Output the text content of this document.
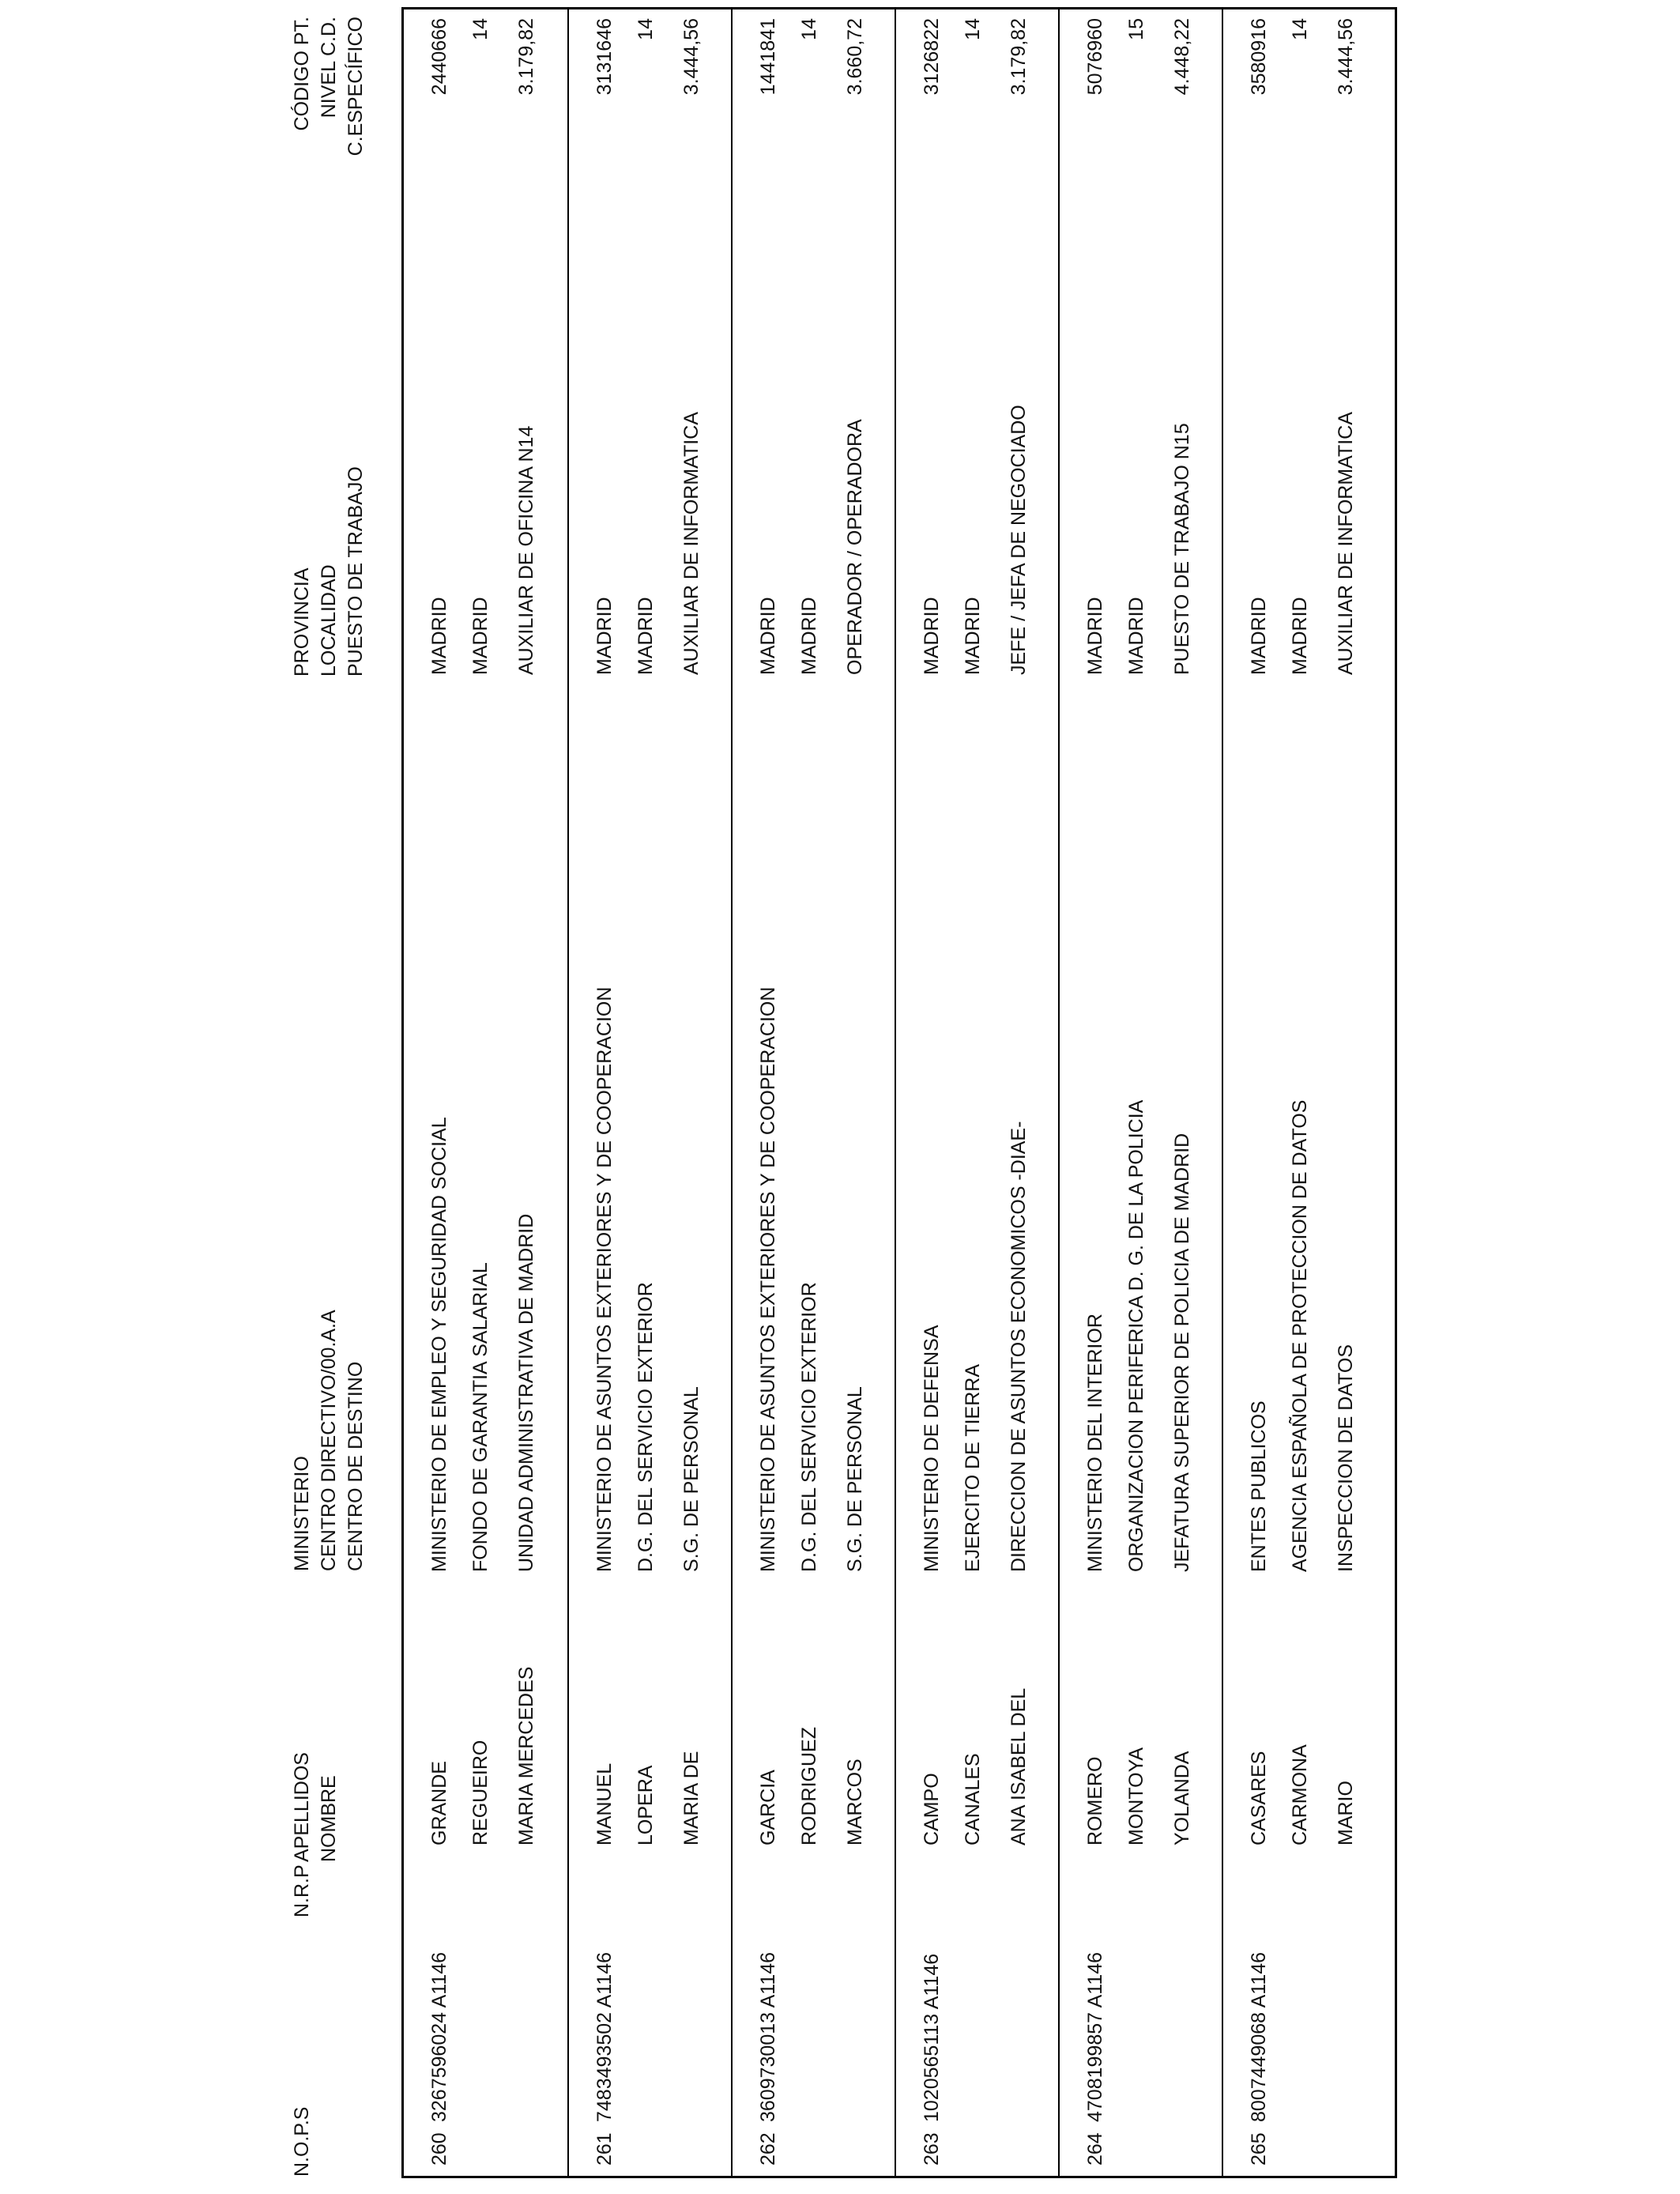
N.O.P.S
N.R.P
APELLIDOS NOMBRE
MINISTERIO CENTRO DIRECTIVO/00.A.A CENTRO DE DESTINO
PROVINCIA LOCALIDAD PUESTO DE TRABAJO
CÓDIGO PT. NIVEL C.D. C.ESPECÍFICO
260
3267596024 A1146
GRANDE REGUEIRO MARIA MERCEDES
MINISTERIO DE EMPLEO Y SEGURIDAD SOCIAL FONDO DE GARANTIA SALARIAL UNIDAD ADMINISTRATIVA DE MADRID
MADRID MADRID AUXILIAR DE OFICINA N14
2440666 14 3.179,82
261
7483493502 A1146
MANUEL LOPERA MARIA DE
MINISTERIO DE ASUNTOS EXTERIORES Y DE COOPERACION D.G. DEL SERVICIO EXTERIOR S.G. DE PERSONAL
MADRID MADRID AUXILIAR DE INFORMATICA
3131646 14 3.444,56
262
3609730013 A1146
GARCIA RODRIGUEZ MARCOS
MINISTERIO DE ASUNTOS EXTERIORES Y DE COOPERACION D.G. DEL SERVICIO EXTERIOR S.G. DE PERSONAL
MADRID MADRID OPERADOR / OPERADORA
1441841 14 3.660,72
263
1020565113 A1146
CAMPO CANALES ANA ISABEL DEL
MINISTERIO DE DEFENSA EJERCITO DE TIERRA DIRECCION DE ASUNTOS ECONOMICOS -DIAE-
MADRID MADRID JEFE / JEFA DE NEGOCIADO
3126822 14 3.179,82
264
4708199857 A1146
ROMERO MONTOYA YOLANDA
MINISTERIO DEL INTERIOR ORGANIZACION PERIFERICA D. G. DE LA POLICIA JEFATURA SUPERIOR DE POLICIA DE MADRID
MADRID MADRID PUESTO DE TRABAJO N15
5076960 15 4.448,22
265
8007449068 A1146
CASARES CARMONA MARIO
ENTES PUBLICOS AGENCIA ESPAÑOLA DE PROTECCION DE DATOS INSPECCION DE DATOS
MADRID MADRID AUXILIAR DE INFORMATICA
3580916 14 3.444,56
